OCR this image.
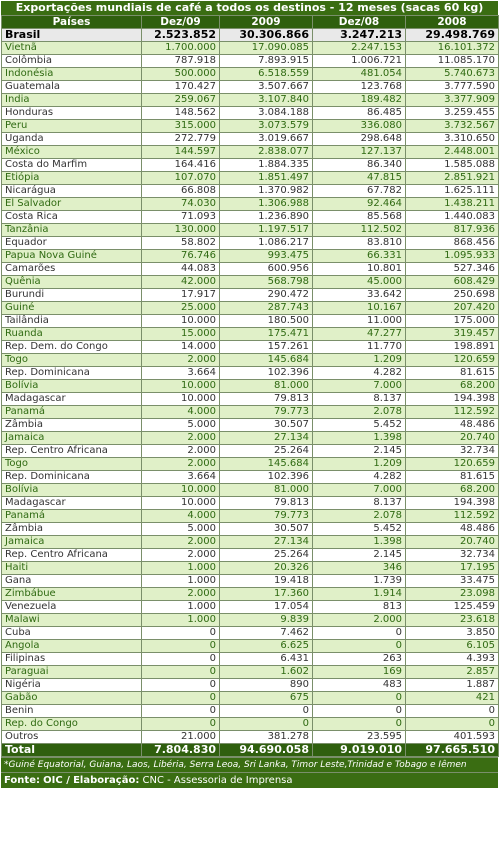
Exportações mundiais de café a todos os destinos - 12 meses (sacas 60 kg)
Países	Dez/09	2009	Dez/08	2008
Brasil	2.523.852	30.306.866	3.247.213	29.498.769
Vietnã	1.700.000	17.090.085	2.247.153	16.101.372
Colômbia	787.918	7.893.915	1.006.721	11.085.170
Indonésia	500.000	6.518.559	481.054	5.740.673
Guatemala	170.427	3.507.667	123.768	3.777.590
Índia	259.067	3.107.840	189.482	3.377.909
Honduras	148.562	3.084.188	86.485	3.259.455
Peru	315.000	3.073.579	336.080	3.732.567
Uganda	272.779	3.019.667	298.648	3.310.650
México	144.597	2.838.077	127.137	2.448.001
Costa do Marfim	164.416	1.884.335	86.340	1.585.088
Etiópia	107.070	1.851.497	47.815	2.851.921
Nicarágua	66.808	1.370.982	67.782	1.625.111
El Salvador	74.030	1.306.988	92.464	1.438.211
Costa Rica	71.093	1.236.890	85.568	1.440.083
Tanzânia	130.000	1.197.517	112.502	817.936
Equador	58.802	1.086.217	83.810	868.456
Papua Nova Guiné	76.746	993.475	66.331	1.095.933
Camarões	44.083	600.956	10.801	527.346
Quênia	42.000	568.798	45.000	608.429
Burundi	17.917	290.472	33.642	250.698
Guiné	25.000	287.743	10.167	207.420
Tailândia	10.000	180.500	11.000	175.000
Ruanda	15.000	175.471	47.277	319.457
Rep. Dem. do Congo	14.000	157.261	11.770	198.891
Togo	2.000	145.684	1.209	120.659
Rep. Dominicana	3.664	102.396	4.282	81.615
Bolívia	10.000	81.000	7.000	68.200
Madagascar	10.000	79.813	8.137	194.398
Panamá	4.000	79.773	2.078	112.592
Zâmbia	5.000	30.507	5.452	48.486
Jamaica	2.000	27.134	1.398	20.740
Rep. Centro Africana	2.000	25.264	2.145	32.734
Togo	2.000	145.684	1.209	120.659
Rep. Dominicana	3.664	102.396	4.282	81.615
Bolívia	10.000	81.000	7.000	68.200
Madagascar	10.000	79.813	8.137	194.398
Panamá	4.000	79.773	2.078	112.592
Zâmbia	5.000	30.507	5.452	48.486
Jamaica	2.000	27.134	1.398	20.740
Rep. Centro Africana	2.000	25.264	2.145	32.734
Haiti	1.000	20.326	346	17.195
Gana	1.000	19.418	1.739	33.475
Zimbábue	2.000	17.360	1.914	23.098
Venezuela	1.000	17.054	813	125.459
Malawi	1.000	9.839	2.000	23.618
Cuba	0	7.462	0	3.850
Angola	0	6.625	0	6.105
Filipinas	0	6.431	263	4.393
Paraguai	0	1.602	169	2.857
Nigéria	0	890	483	1.887
Gabão	0	675	0	421
Benin	0	0	0	0
Rep. do Congo	0	0	0	0
Outros	21.000	381.278	23.595	401.593
Total	7.804.830	94.690.058	9.019.010	97.665.510
*Guiné Equatorial, Guiana, Laos, Libéria, Serra Leoa, Sri Lanka, Timor Leste,Trinidad e Tobago e Iêmen
Fonte: OIC / Elaboração: CNC - Assessoria de Imprensa
